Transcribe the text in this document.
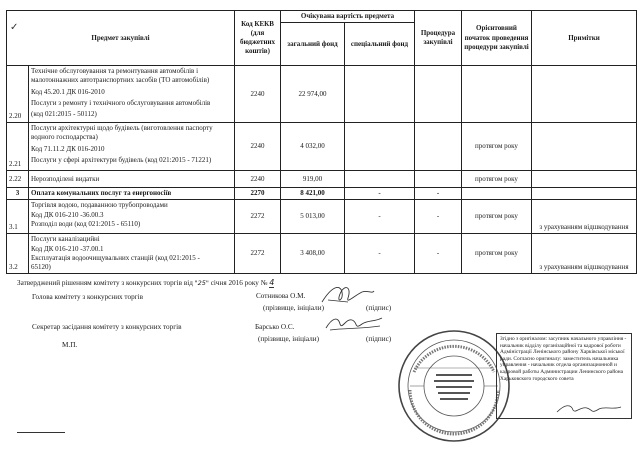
✓
Предмет закупівлі		Код КЕКВ (для бюджетних коштів)	Очікувана вартість предмета		Процедура закупівлі	Орієнтовний початок проведення процедури закупівлі	Примітки
			загальний фонд	спеціальний фонд			
2.20	Технічне обслуговування та ремонтування автомобілів і
малотоннажних автотранспортних засобів (ТО автомобілів)
Код 45.20.1 ДК 016-2010
Послуги з ремонту і технічного обслуговування автомобілів
(код 021:2015 - 50112)	2240	22 974,00				
2.21	Послуги архітектурні щодо будівель (виготовлення паспорту
водного господарства)
Код 71.11.2 ДК 016-2010
Послуги у сфері архітектури будівель (код 021:2015 - 71221)	2240	4 032,00			протягом року	
2.22	Нерозподілені видатки	2240	919,00			протягом року	
3	Оплата комунальних послуг та енергоносіїв	2270	8 421,00	-	-		
3.1	Торгівля водою, подаванною трубопроводами
Код ДК 016-210 -36.00.3
Розподіл води (код 021:2015 - 65110)	2272	5 013,00	-	-	протягом року	з урахуванням відшкодування
3.2	Послуги каналізацийні
Код ДК 016-210 -37.00.1
Експлуатація водоочищувальних станцій (код 021:2015 -
65120)	2272	3 408,00	-	-	протягом року	з урахуванням відшкодування
Затверджений рішенням комітету з конкурсних торгів від "25" січня 2016 року № 4
Голова комітету з конкурсних торгів	Сотникова О.М.
(прізвище, ініціали)	(підпис)
Секретар засідання комітету з конкурсних торгів	Барсько О.С.
(прізвище, ініціали)	(підпис)
М.П.
Згідно з оригіналом: засупник начального управління - начальник відділу організаційної та кадрової роботи Адміністрації Ленінського району Харківської міської ради. Согласно оригиналу: заместитель начальника управления - начальник отдела организационной и кадровой работы Администрации Ленинского района Харьковского городского совета
